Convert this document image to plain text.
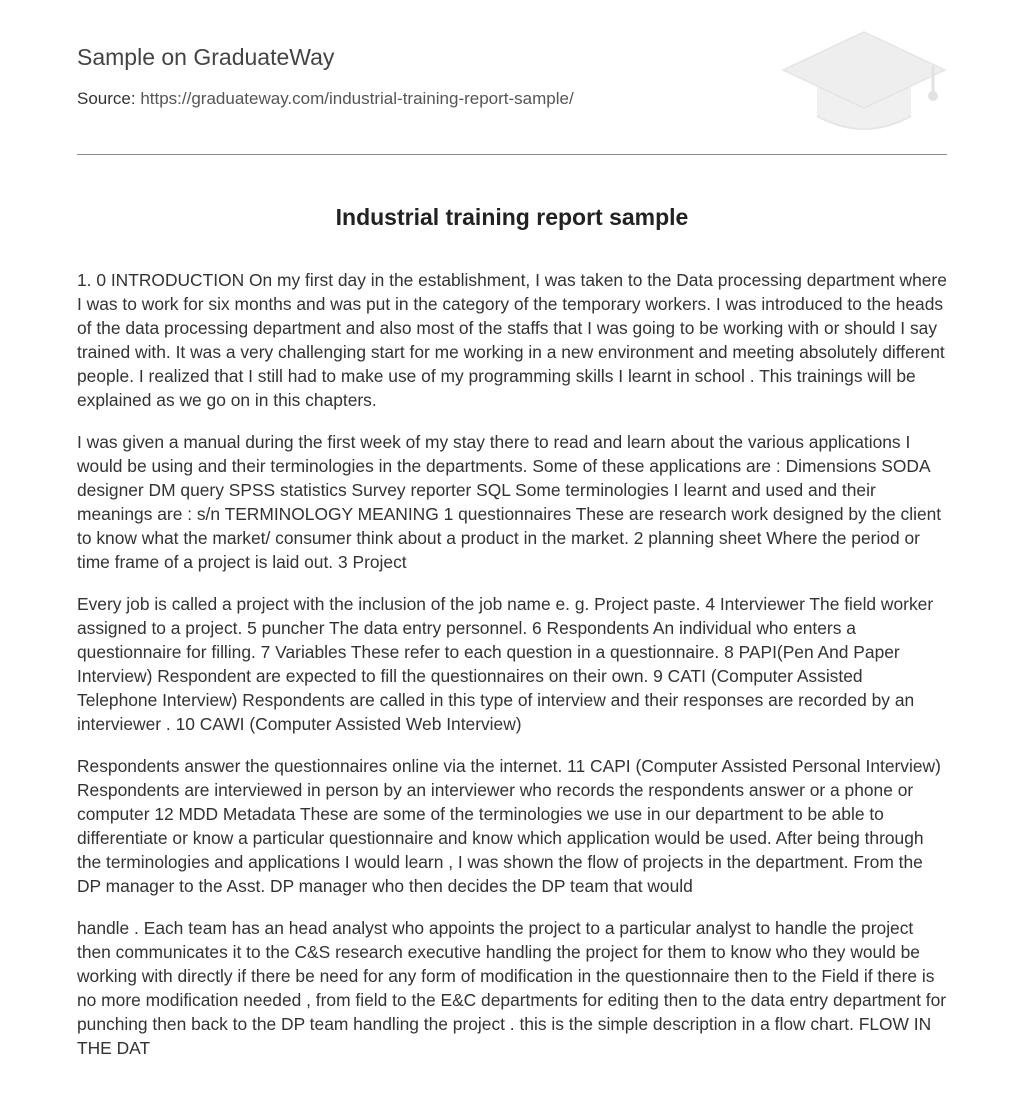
Sample on GraduateWay
Source: https://graduateway.com/industrial-training-report-sample/
Industrial training report sample

1. 0 INTRODUCTION On my first day in the establishment, I was taken to the Data processing department where I was to work for six months and was put in the category of the temporary workers. I was introduced to the heads of the data processing department and also most of the staffs that I was going to be working with or should I say trained with. It was a very challenging start for me working in a new environment and meeting absolutely different people. I realized that I still had to make use of my programming skills I learnt in school . This trainings will be explained as we go on in this chapters.

I was given a manual during the first week of my stay there to read and learn about the various applications I would be using and their terminologies in the departments. Some of these applications are : Dimensions SODA designer DM query SPSS statistics Survey reporter SQL Some terminologies I learnt and used and their meanings are : s/n TERMINOLOGY MEANING 1 questionnaires These are research work designed by the client to know what the market/ consumer think about a product in the market. 2 planning sheet Where the period or time frame of a project is laid out. 3 Project

Every job is called a project with the inclusion of the job name e. g. Project paste. 4 Interviewer The field worker assigned to a project. 5 puncher The data entry personnel. 6 Respondents An individual who enters a questionnaire for filling. 7 Variables These refer to each question in a questionnaire. 8 PAPI(Pen And Paper Interview) Respondent are expected to fill the questionnaires on their own. 9 CATI (Computer Assisted Telephone Interview) Respondents are called in this type of interview and their responses are recorded by an interviewer . 10 CAWI (Computer Assisted Web Interview)

Respondents answer the questionnaires online via the internet. 11 CAPI (Computer Assisted Personal Interview) Respondents are interviewed in person by an interviewer who records the respondents answer or a phone or computer 12 MDD Metadata These are some of the terminologies we use in our department to be able to differentiate or know a particular questionnaire and know which application would be used. After being through the terminologies and applications I would learn , I was shown the flow of projects in the department. From the DP manager to the Asst. DP manager who then decides the DP team that would

handle . Each team has an head analyst who appoints the project to a particular analyst to handle the project then communicates it to the C&S research executive handling the project for them to know who they would be working with directly if there be need for any form of modification in the questionnaire then to the Field if there is no more modification needed , from field to the E&C departments for editing then to the data entry department for punching then back to the DP team handling the project . this is the simple description in a flow chart. FLOW IN THE DAT
